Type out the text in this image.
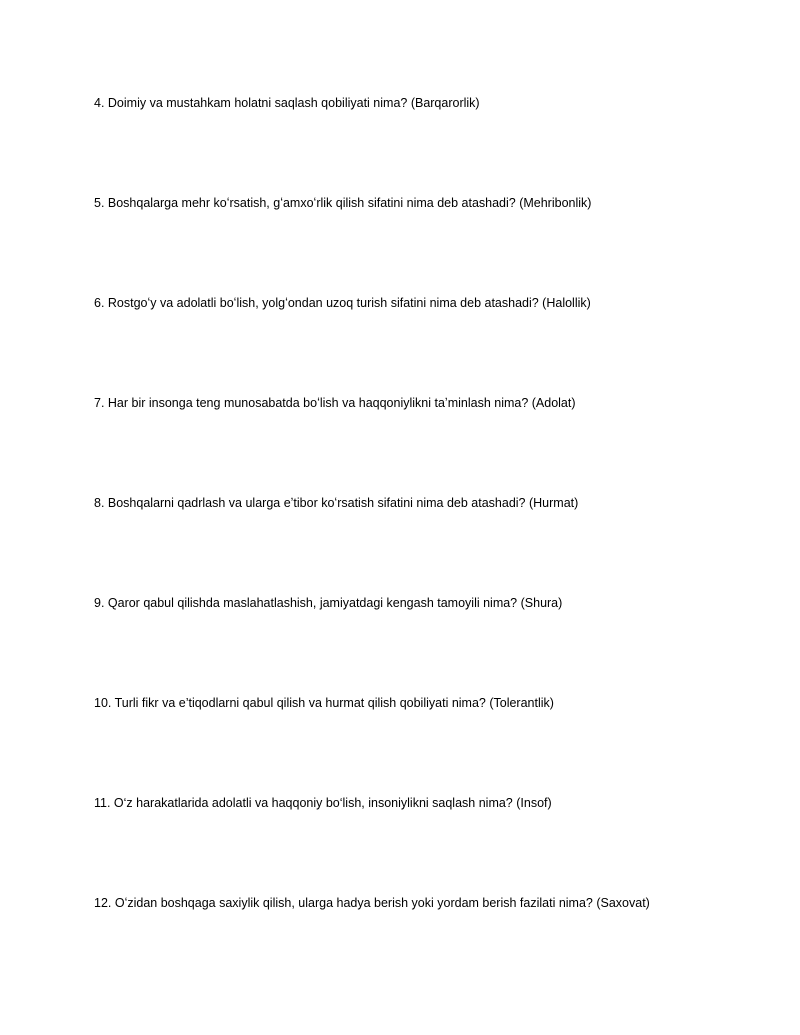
4. Doimiy va mustahkam holatni saqlash qobiliyati nima? (Barqarorlik)
5. Boshqalarga mehr koʻrsatish, gʻamxoʻrlik qilish sifatini nima deb atashadi? (Mehribonlik)
6. Rostgoʻy va adolatli boʻlish, yolgʻondan uzoq turish sifatini nima deb atashadi? (Halollik)
7. Har bir insonga teng munosabatda boʻlish va haqqoniylikni taʼminlash nima? (Adolat)
8. Boshqalarni qadrlash va ularga eʼtibor koʻrsatish sifatini nima deb atashadi? (Hurmat)
9. Qaror qabul qilishda maslahatlashish, jamiyatdagi kengash tamoyili nima? (Shura)
10. Turli fikr va e’tiqodlarni qabul qilish va hurmat qilish qobiliyati nima? (Tolerantlik)
11. O‘z harakatlarida adolatli va haqqoniy bo‘lish, insoniylikni saqlash nima? (Insof)
12. Oʻzidan boshqaga saxiylik qilish, ularga hadya berish yoki yordam berish fazilati nima? (Saxovat)
